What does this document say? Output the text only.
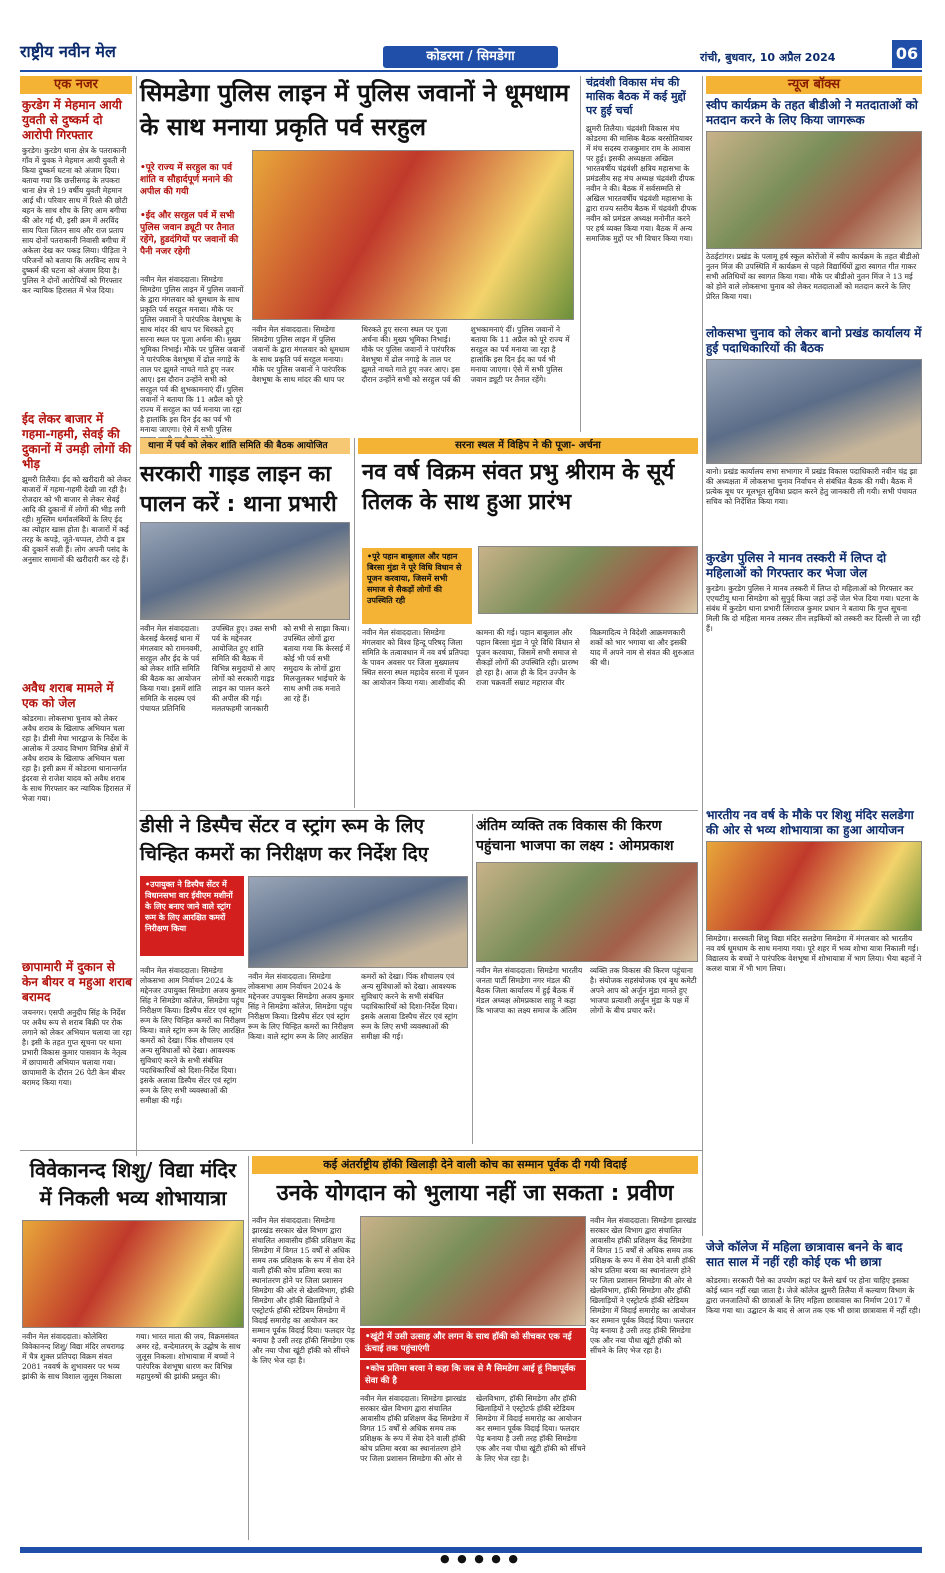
राष्ट्रीय नवीन मेल	कोडरमा / सिमडेगा	रांची, बुधवार, 10 अप्रैल 2024	06
एक नजर
कुरडेग में मेहमान आयी युवती से दुष्कर्म दो आरोपी गिरफ्तार
कुरडेग। कुरडेग थाना क्षेत्र के पतराकानी गाँव में युवक ने मेहमान आयी युवती से किया दुष्कर्म घटना को अंजाम दिया। बताया गया कि छत्तीसगढ़ के तपकरा थाना क्षेत्र से 19 वर्षीय युवती मेहमान आई थी। परिवार साथ में रिश्ते की छोटी बहन के साथ शौच के लिए आम बगीचा की ओर गई थी, इसी क्रम में अरविंद साय पिता जितन साय और राज प्रताप साय दोनों पतराकानी निवासी बगीचा में अकेला देख कर पकड़ लिया। पीड़िता ने परिजनों को बताया कि अरविन्द साय ने दुष्कर्म की घटना को अंजाम दिया है। पुलिस ने दोनों आरोपियों को गिरफ्तार कर न्यायिक हिरासत में भेज दिया।
ईद लेकर बाजार में गहमा-गहमी, सेवई की दुकानों में उमड़ी लोगों की भीड़
झुमरी तिलैया। ईद को खरीदारी को लेकर बाजारों में गहमा-गहमी देखी जा रही है। रोजदार को भी बाजार से लेकर सेवई आदि की दुकानों में लोगों की भीड़ लगी रही। मुस्लिम धर्मावलंबियों के लिए ईद का त्योहार खास होता है। बाजारों में कई तरह के कपड़े, जूते-चप्पल, टोपी व इत्र की दुकानें सजी हैं। लोग अपनी पसंद के अनुसार सामानों की खरीदारी कर रहे हैं।
अवैध शराब मामले में एक को जेल
कोडरमा। लोकसभा चुनाव को लेकर अवैध शराब के खिलाफ अभियान चला रहा है। डीसी मेघा भारद्वाज के निर्देश के आलोक में उत्पाद विभाग विभिन्न क्षेत्रों में अवैध शराब के खिलाफ अभियान चला रहा है। इसी क्रम में कोडरमा थानान्तर्गत इंदरवा से राजेश यादव को अवैध शराब के साथ गिरफ्तार कर न्यायिक हिरासत में भेजा गया।
छापामारी में दुकान से केन बीयर व महुआ शराब बरामद
जयनगर। एसपी अनुदीप सिंह के निर्देश पर अवैध रूप से शराब बिक्री पर रोक लगाने को लेकर अभियान चलाया जा रहा है। इसी के तहत गुप्त सूचना पर थाना प्रभारी विकास कुमार पासवान के नेतृत्व में छापामारी अभियान चलाया गया। छापामारी के दौरान 26 पेटी केन बीयर बरामद किया गया।
सिमडेगा पुलिस लाइन में पुलिस जवानों ने धूमधाम के साथ मनाया प्रकृति पर्व सरहुल
•पूरे राज्य में सरहुल का पर्व शांति व सौहार्दपूर्ण मनाने की अपील की गयी
•ईद और सरहुल पर्व में सभी पुलिस जवान ड्यूटी पर तैनात रहेंगे, हुडदंगियों पर जवानों की पैनी नजर रहेगी
नवीन मेल संवाददाता। सिमडेगा सिमडेगा पुलिस लाइन में पुलिस जवानों के द्वारा मंगलवार को धूमधाम के साथ प्रकृति पर्व सरहुल मनाया। मौके पर पुलिस जवानों ने पारंपरिक वेशभूषा के साथ मांदर की थाप पर थिरकते हुए सरना स्थल पर पूजा अर्चना की। मुख्य भूमिका निभाई। मौके पर पुलिस जवानों ने पारंपरिक वेशभूषा में ढोल नगाड़े के ताल पर झूमते नाचते गाते हुए नजर आए। इस दौरान उन्होंने सभी को सरहुल पर्व की शुभकामनाएं दीं। पुलिस जवानों ने बताया कि 11 अप्रैल को पूरे राज्य में सरहुल का पर्व मनाया जा रहा है हालांकि इस दिन ईद का पर्व भी मनाया जाएगा। ऐसे में सभी पुलिस
नवीन मेल संवाददाता। सिमडेगा सिमडेगा पुलिस लाइन में पुलिस जवानों के द्वारा मंगलवार को धूमधाम के साथ प्रकृति पर्व सरहुल मनाया। मौके पर पुलिस जवानों ने पारंपरिक वेशभूषा के साथ मांदर की थाप पर थिरकते हुए सरना स्थल पर पूजा अर्चना की। मुख्य भूमिका निभाई। मौके पर पुलिस जवानों ने पारंपरिक वेशभूषा में ढोल नगाड़े के ताल पर झूमते नाचते गाते हुए नजर आए। इस दौरान उन्होंने सभी को सरहुल पर्व की शुभकामनाएं दीं। पुलिस जवानों ने बताया कि 11 अप्रैल को पूरे राज्य में सरहुल का पर्व मनाया जा रहा है हालांकि इस दिन ईद का पर्व भी मनाया जाएगा। ऐसे में सभी पुलिस जवान ड्यूटी पर तैनात रहेंगे।
चंद्रवंशी विकास मंच की मासिक बैठक में कई मुद्दों पर हुई चर्चा
झुमरी तिलैया। चंद्रवंशी विकास मंच कोडरमा की मासिक बैठक बरसोतियाबर में मंच सदस्य राजकुमार राम के आवास पर हुई। इसकी अध्यक्षता अखिल भारतवर्षीय चंद्रवंशी क्षत्रिय महासभा के प्रमंडलीय सह मंच अध्यक्ष चंद्रवंशी दीपक नवीन ने की। बैठक में सर्वसम्मति से अखिल भारतवर्षीय चंद्रवंशी महासभा के द्वारा राज्य स्तरीय बैठक में चंद्रवंशी दीपक नवीन को प्रमंडल अध्यक्ष मनोनीत करने पर हर्ष व्यक्त किया गया। बैठक में अन्य समाजिक मुद्दों पर भी विचार किया गया।
न्यूज बॉक्स
स्वीप कार्यक्रम के तहत बीडीओ ने मतदाताओं को मतदान करने के लिए किया जागरूक
ठेठईटांगर। प्रखंड के पलामू हर्ष स्कूल कोरोंजो में स्वीप कार्यक्रम के तहत बीडीओ नुतन मिंज की उपस्थिति में कार्यक्रम से पहले विद्यार्थियों द्वारा स्वागत गीत गाकर सभी अतिथियों का स्वागत किया गया। मौके पर बीडीओ नुतन मिंज ने 13 मई को होने वाले लोकसभा चुनाव को लेकर मतदाताओं को मतदान करने के लिए प्रेरित किया गया।
लोकसभा चुनाव को लेकर बानो प्रखंड कार्यालय में हुई पदाधिकारियों की बैठक
बानो। प्रखंड कार्यालय सभा सभागार में प्रखंड विकास पदाधिकारी नवीन चंद्र झा की अध्यक्षता में लोकसभा चुनाव निर्वाचन से संबंधित बैठक की गयी। बैठक में प्रत्येक बूथ पर मूलभूत सुविधा प्रदान करने हेतु जानकारी ली गयी। सभी पंचायत सचिव को निर्देशित किया गया।
कुरडेग पुलिस ने मानव तस्करी में लिप्त दो महिलाओं को गिरफ्तार कर भेजा जेल
कुरडेग। कुरडेग पुलिस ने मानव तस्करी में लिप्त दो महिलाओं को गिरफ्तार कर एएचटीयू थाना सिमडेगा को सुपुर्द किया जहां उन्हें जेल भेज दिया गया। घटना के संबंध में कुरडेग थाना प्रभारी लिंगराज कुमार प्रधान ने बताया कि गुप्त सूचना मिली कि दो महिला मानव तस्कर तीन लड़कियों को तस्करी कर दिल्ली ले जा रही हैं।
भारतीय नव वर्ष के मौके पर शिशु मंदिर सलडेगा की ओर से भव्य शोभायात्रा का हुआ आयोजन
सिमडेगा। सरस्वती शिशु विद्या मंदिर सलडेगा सिमडेगा में मंगलवार को भारतीय नव वर्ष धूमधाम के साथ मनाया गया। पूरे शहर में भव्य शोभा यात्रा निकाली गई। विद्यालय के बच्चों ने पारंपरिक वेशभूषा में शोभायात्रा में भाग लिया। भैया बहनों ने कलश यात्रा में भी भाग लिया।
जेजे कॉलेज में महिला छात्रावास बनने के बाद सात साल में नहीं रही कोई एक भी छात्रा
कोडरमा। सरकारी पैसे का उपयोग कहां पर कैसे खर्च पर होना चाहिए इसका कोई ध्यान नहीं रखा जाता है। जेजे कॉलेज झुमरी तिलैया में कल्याण विभाग के द्वारा जनजातियों की छात्राओं के लिए महिला छात्रावास का निर्माण 2017 में किया गया था। उद्घाटन के बाद से आज तक एक भी छात्रा छात्रावास में नहीं रही।
थाना में पर्व को लेकर शांति समिति की बैठक आयोजित
सरकारी गाइड लाइन का पालन करें : थाना प्रभारी
नवीन मेल संवाददाता। केरसई केरसई थाना में मंगलवार को रामनवमी, सरहुल और ईद के पर्व को लेकर शांति समिति की बैठक का आयोजन किया गया। इसमें शांति समिति के सदस्य एवं पंचायत प्रतिनिधि उपस्थित हुए। उक्त सभी पर्व के मद्देनजर आयोजित हुए शांति समिति की बैठक में विभिन्न समुदायों से आए लोगों को सरकारी गाइड लाइन का पालन करने की अपील की गई। मलतफहमी जानकारी को सभी से साझा किया। उपस्थित लोगों द्वारा बताया गया कि केरसई में कोई भी पर्व सभी समुदाय के लोगों द्वारा मिलजुलकर भाईचारे के साथ अभी तक मनाते आ रहे हैं।
सरना स्थल में विहिप ने की पूजा- अर्चना
नव वर्ष विक्रम संवत प्रभु श्रीराम के सूर्य तिलक के साथ हुआ प्रारंभ
•पूरे पहान बाबूलाल और पहान बिरसा मुंडा ने पूरे विधि विधान से पूजन करवाया, जिसमें सभी समाज से सैकड़ों लोगों की उपस्थिति रही
नवीन मेल संवाददाता। सिमडेगा मंगलवार को विश्व हिन्दू परिषद् जिला समिति के तत्वावधान में नव वर्ष प्रतिपदा के पावन अवसर पर जिला मुख्यालय स्थित सरना स्थल महादेव सरना में पूजन का आयोजन किया गया। आशीर्वाद की कामना की गई। पहान बाबूलाल और पहान बिरसा मुंडा ने पूरे विधि विधान से पूजन करवाया, जिसमें सभी समाज से सैकड़ों लोगों की उपस्थिति रही। प्रारम्भ हो रहा है। आज ही के दिन उज्जैन के राजा चक्रवर्ती सम्राट महाराज वीर विक्रमादित्य ने विदेशी आक्रमणकारी शकों को भार भगाया था और इसकी याद में अपने नाम से संवत की शुरुआत की थी।
डीसी ने डिस्पैच सेंटर व स्ट्रांग रूम के लिए चिन्हित कमरों का निरीक्षण कर निर्देश दिए
•उपायुक्त ने डिस्पैच सेंटर में विधानसभा वार ईवीएम मशीनों के लिए बनाए जाने वाले स्ट्रांग रूम के लिए आरक्षित कमरों निरीक्षण किया
नवीन मेल संवाददाता। सिमडेगा लोकसभा आम निर्वाचन 2024 के मद्देनजर उपायुक्त सिमडेगा अजय कुमार सिंह ने सिमडेगा कॉलेज, सिमडेगा पहुंच निरीक्षण किया। डिस्पैच सेंटर एवं स्ट्रांग रूम के लिए चिन्हित कमरों का निरीक्षण किया। वाले स्ट्रांग रूम के लिए आरक्षित कमरों को देखा। पिंक शौचालय एवं अन्य सुविधाओं को देखा। आवश्यक सुविधाएं करने के सभी संबंधित पदाधिकारियों को दिशा-निर्देश दिया। इसके अलावा डिस्पैच सेंटर एवं स्ट्रांग रूम के लिए सभी व्यवस्थाओं की समीक्षा की गई।
नवीन मेल संवाददाता। सिमडेगा लोकसभा आम निर्वाचन 2024 के मद्देनजर उपायुक्त सिमडेगा अजय कुमार सिंह ने सिमडेगा कॉलेज, सिमडेगा पहुंच निरीक्षण किया। डिस्पैच सेंटर एवं स्ट्रांग रूम के लिए चिन्हित कमरों का निरीक्षण किया। वाले स्ट्रांग रूम के लिए आरक्षित कमरों को देखा। पिंक शौचालय एवं अन्य सुविधाओं को देखा। आवश्यक सुविधाएं करने के सभी संबंधित पदाधिकारियों को दिशा-निर्देश दिया। इसके अलावा डिस्पैच सेंटर एवं स्ट्रांग रूम के लिए सभी व्यवस्थाओं की समीक्षा की गई।
अंतिम व्यक्ति तक विकास की किरण पहुंचाना भाजपा का लक्ष्य : ओमप्रकाश
नवीन मेल संवाददाता। सिमडेगा भारतीय जनता पार्टी सिमडेगा नगर मंडल की बैठक जिला कार्यालय में हुई बैठक में मंडल अध्यक्ष ओमप्रकाश साहु ने कहा कि भाजपा का लक्ष्य समाज के अंतिम व्यक्ति तक विकास की किरण पहुंचाना है। संयोजक सहसंयोजक एवं बूथ कमेटी अपने आप को अर्जुन मुंडा मानते हुए भाजपा प्रत्याशी अर्जुन मुंडा के पक्ष में लोगों के बीच प्रचार करें।
विवेकानन्द शिशु/ विद्या मंदिर में निकली भव्य शोभायात्रा
नवीन मेल संवाददाता। कोलेबिरा विवेकानन्द शिशु/ विद्या मंदिर लचरागढ़ में चैत्र शुक्ल प्रतिपदा विक्रम संवत 2081 नववर्ष के शुभावसर पर भव्य झांकी के साथ विशाल जुलूस निकाला गया। भारत माता की जय, विक्रमसंवत अमर रहे, वन्देमातरम् के उद्घोष के साथ जुलूस निकला। शोभायात्रा में बच्चों ने पारंपरिक वेशभूषा धारण कर विभिन्न महापुरुषों की झांकी प्रस्तुत की।
कई अंतर्राष्ट्रीय हॉकी खिलाड़ी देने वाली कोच का सम्मान पूर्वक दी गयी विदाई
उनके योगदान को भुलाया नहीं जा सकता : प्रवीण
नवीन मेल संवाददाता। सिमडेगा झारखंड सरकार खेल विभाग द्वारा संचालित आवासीय हॉकी प्रशिक्षण केंद्र सिमडेगा में विगत 15 वर्षों से अधिक समय तक प्रशिक्षक के रूप में सेवा देने वाली हॉकी कोच प्रतिमा बरवा का स्थानांतरण होने पर जिला प्रशासन सिमडेगा की ओर से खेलविभाग, हॉकी सिमडेगा और हॉकी खिलाड़ियों ने एस्ट्रोटर्फ हॉकी स्टेडियम सिमडेगा में विदाई समारोह का आयोजन कर सम्मान पूर्वक विदाई दिया। फलदार पेड़ बनाया है उसी तरह हॉकी सिमडेगा एक और नया पौधा खूंटी हॉकी को सींचने के लिए भेज रहा है।
•खूंटी में उसी उत्साह और लगन के साथ हॉकी को सीचकर एक नई ऊंचाई तक पहुंचाएंगी
•कोच प्रतिमा बरवा ने कहा कि जब से मै सिमडेगा आई हूं निष्ठापूर्वक सेवा की है
नवीन मेल संवाददाता। सिमडेगा झारखंड सरकार खेल विभाग द्वारा संचालित आवासीय हॉकी प्रशिक्षण केंद्र सिमडेगा में विगत 15 वर्षों से अधिक समय तक प्रशिक्षक के रूप में सेवा देने वाली हॉकी कोच प्रतिमा बरवा का स्थानांतरण होने पर जिला प्रशासन सिमडेगा की ओर से खेलविभाग, हॉकी सिमडेगा और हॉकी खिलाड़ियों ने एस्ट्रोटर्फ हॉकी स्टेडियम सिमडेगा में विदाई समारोह का आयोजन कर सम्मान पूर्वक विदाई दिया। फलदार पेड़ बनाया है उसी तरह हॉकी सिमडेगा एक और नया पौधा खूंटी हॉकी को सींचने के लिए भेज रहा है।
नवीन मेल संवाददाता। सिमडेगा झारखंड सरकार खेल विभाग द्वारा संचालित आवासीय हॉकी प्रशिक्षण केंद्र सिमडेगा में विगत 15 वर्षों से अधिक समय तक प्रशिक्षक के रूप में सेवा देने वाली हॉकी कोच प्रतिमा बरवा का स्थानांतरण होने पर जिला प्रशासन सिमडेगा की ओर से खेलविभाग, हॉकी सिमडेगा और हॉकी खिलाड़ियों ने एस्ट्रोटर्फ हॉकी स्टेडियम सिमडेगा में विदाई समारोह का आयोजन कर सम्मान पूर्वक विदाई दिया। फलदार पेड़ बनाया है उसी तरह हॉकी सिमडेगा एक और नया पौधा खूंटी हॉकी को सींचने के लिए भेज रहा है।
● ● ● ● ●
